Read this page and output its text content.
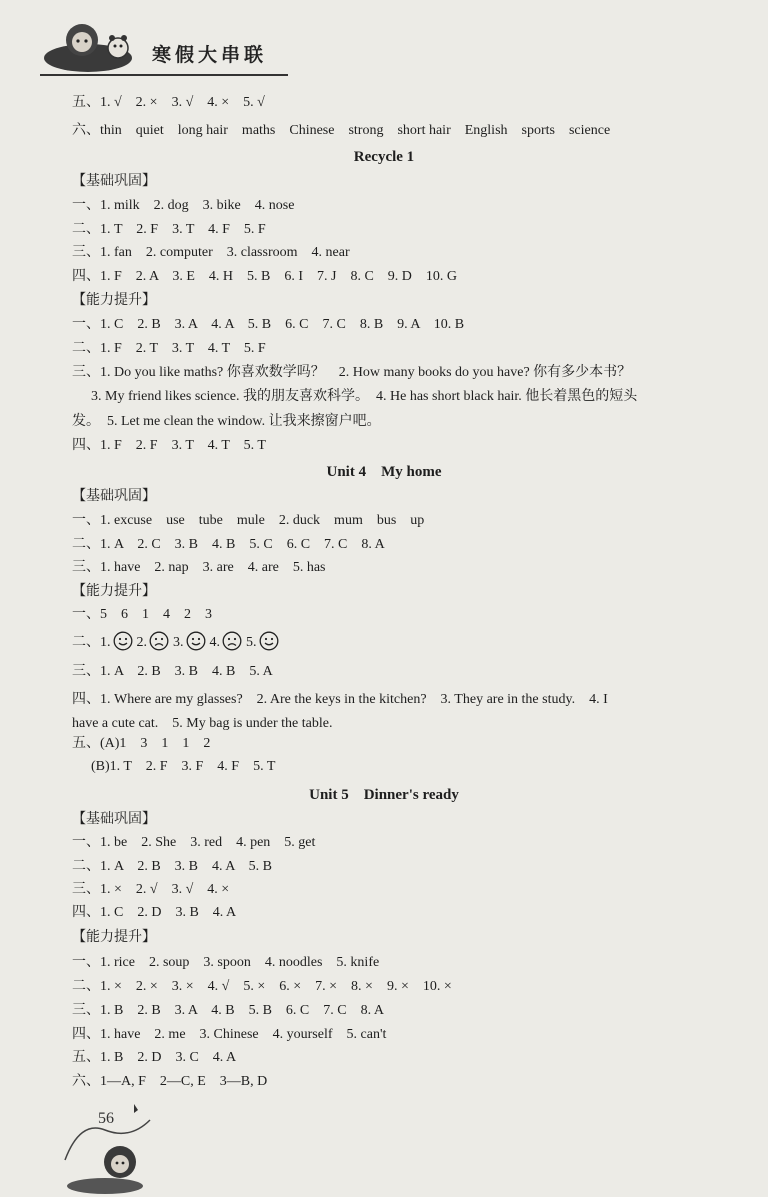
寒假大串联
五、1. √　2. ×　3. √　4. ×　5. √
六、thin　quiet　long hair　maths　Chinese　strong　short hair　English　sports　science
Recycle 1
【基础巩固】
一、1. milk　2. dog　3. bike　4. nose
二、1. T　2. F　3. T　4. F　5. F
三、1. fan　2. computer　3. classroom　4. near
四、1. F　2. A　3. E　4. H　5. B　6. I　7. J　8. C　9. D　10. G
【能力提升】
一、1. C　2. B　3. A　4. A　5. B　6. C　7. C　8. B　9. A　10. B
二、1. F　2. T　3. T　4. T　5. F
三、1. Do you like maths? 你喜欢数学吗？　2. How many books do you have? 你有多少本书？
3. My friend likes science. 我的朋友喜欢科学。　4. He has short black hair. 他长着黑色的短头
发。　5. Let me clean the window. 让我来擦窗户吧。
四、1. F　2. F　3. T　4. T　5. T
Unit 4　My home
【基础巩固】
一、1. excuse　use　tube　mule　2. duck　mum　bus　up
二、1. A　2. C　3. B　4. B　5. C　6. C　7. C　8. A
三、1. have　2. nap　3. are　4. are　5. has
【能力提升】
一、5　6　1　4　2　3
二、1. 2. 3. 4. 5.
三、1. A　2. B　3. B　4. B　5. A
四、1. Where are my glasses?　2. Are the keys in the kitchen?　3. They are in the study.　4. I
have a cute cat.　5. My bag is under the table.
五、(A)1　3　1　1　2
(B)1. T　2. F　3. F　4. F　5. T
Unit 5　Dinner's ready
【基础巩固】
一、1. be　2. She　3. red　4. pen　5. get
二、1. A　2. B　3. B　4. A　5. B
三、1. ×　2. √　3. √　4. ×
四、1. C　2. D　3. B　4. A
【能力提升】
一、1. rice　2. soup　3. spoon　4. noodles　5. knife
二、1. ×　2. ×　3. ×　4. √　5. ×　6. ×　7. ×　8. ×　9. ×　10. ×
三、1. B　2. B　3. A　4. B　5. B　6. C　7. C　8. A
四、1. have　2. me　3. Chinese　4. yourself　5. can't
五、1. B　2. D　3. C　4. A
六、1—A, F　2—C, E　3—B, D
56
